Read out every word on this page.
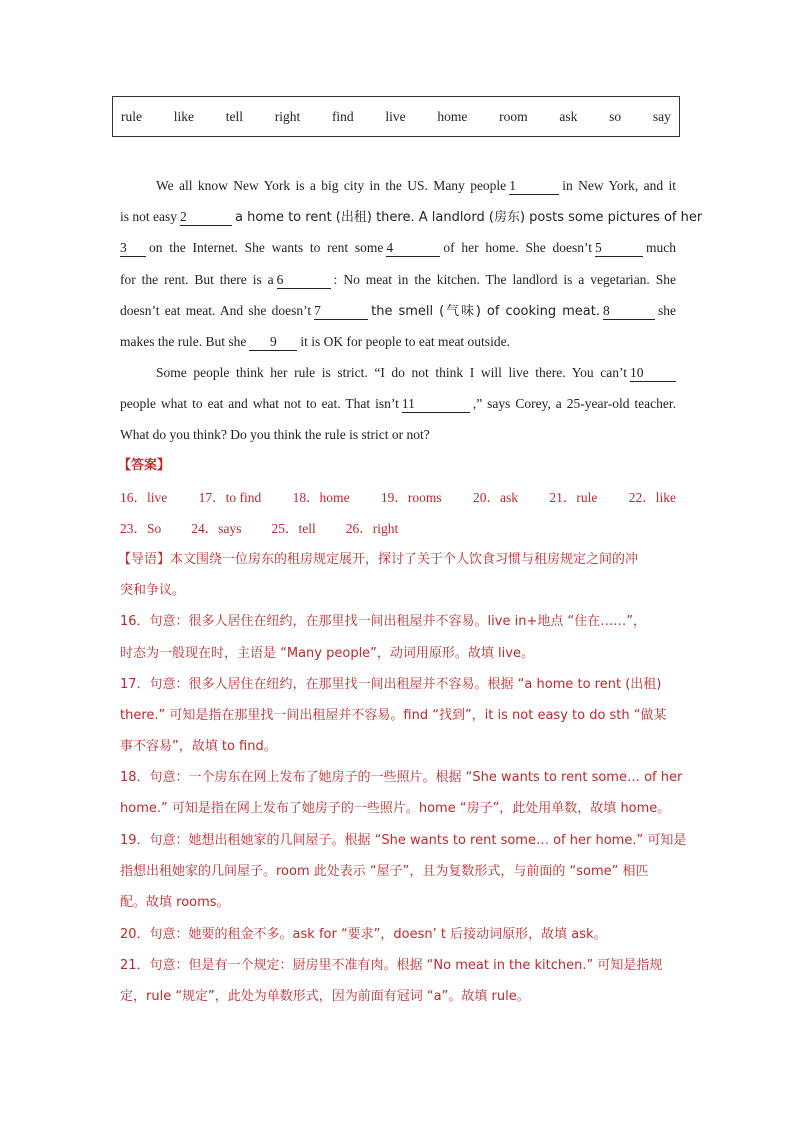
rule like tell right find live home room ask so say
We all know New York is a big city in the US. Many people 1	in New York, and it
is not easy 2	a home to rent (出租) there. A landlord (房东) posts some pictures of her
3 on the Internet. She wants to rent some 4	of her home. She doesn’t 5	much
for the rent. But there is a 6	: No meat in the kitchen. The landlord is a vegetarian. She
doesn’t eat meat. And she doesn’t 7	the smell (气味) of cooking meat. 8	she
makes the rule. But she 9 it is OK for people to eat meat outside.
Some people think her rule is strict. “I do not think I will live there. You can’t 10
people what to eat and what not to eat. That isn’t 11	,” says Corey, a 25-year-old teacher.
What do you think? Do you think the rule is strict or not?
【答案】
16．live 17．to find 18．home 19．rooms 20．ask 21．rule 22．like
23．So 24．says 25．tell 26．right
【导语】本文围绕一位房东的租房规定展开，探讨了关于个人饮食习惯与租房规定之间的冲
突和争议。
16．句意：很多人居住在纽约，在那里找一间出租屋并不容易。live in+地点 “住在……”，
时态为一般现在时，主语是 “Many people”，动词用原形。故填 live。
17．句意：很多人居住在纽约，在那里找一间出租屋并不容易。根据 “a home to rent (出租)
there.” 可知是指在那里找一间出租屋并不容易。find “找到”，it is not easy to do sth “做某
事不容易”，故填 to find。
18．句意：一个房东在网上发布了她房子的一些照片。根据 “She wants to rent some… of her
home.” 可知是指在网上发布了她房子的一些照片。home “房子”，此处用单数，故填 home。
19．句意：她想出租她家的几间屋子。根据 “She wants to rent some… of her home.” 可知是
指想出租她家的几间屋子。room 此处表示 “屋子”，且为复数形式，与前面的 “some” 相匹
配。故填 rooms。
20．句意：她要的租金不多。ask for “要求”，doesn’ t 后接动词原形，故填 ask。
21．句意：但是有一个规定：厨房里不准有肉。根据 “No meat in the kitchen.” 可知是指规
定，rule “规定”，此处为单数形式，因为前面有冠词 “a”。故填 rule。
